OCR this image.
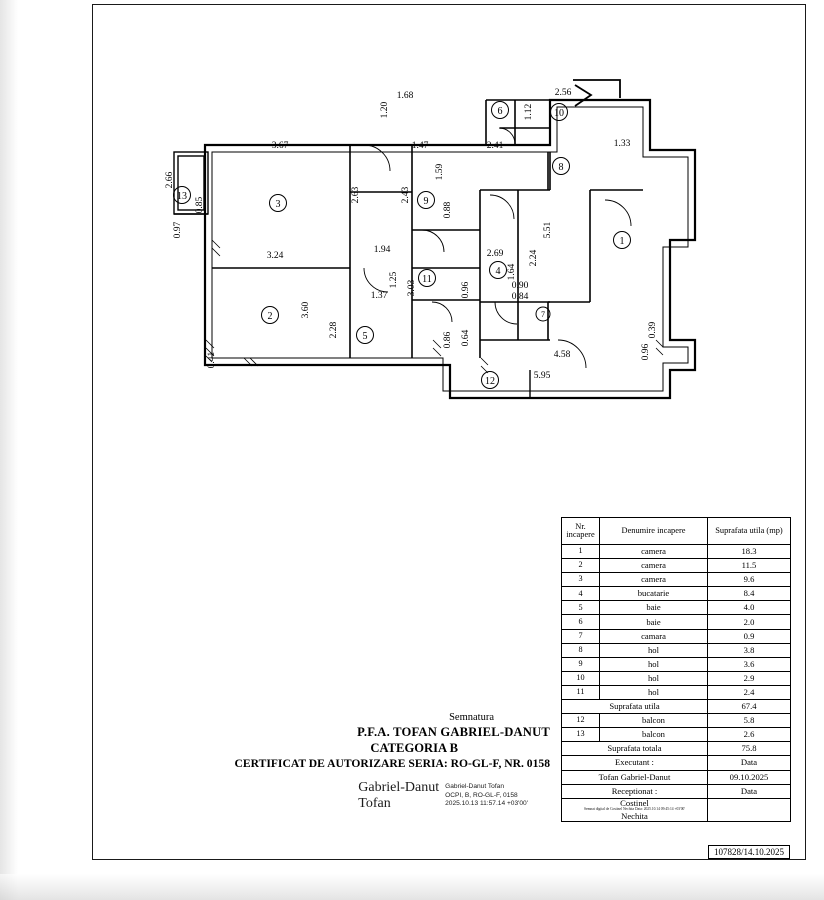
1
2
3
4
5
6
7
8
9
10
11
12
13
1.68	2.56
3.67	1.47	2.41	1.33
3.24
1.94	2.69
0.90
0.84
1.37
4.58
5.95
1.20	1.12
2.63	2.43
1.59
2.66
0.97
0.85	0.88
1.25 3.03
2.24
5.51
1.64
3.60
2.28	0.39
0.96
0.41
0.86 0.64
0.96
Semnatura
P.F.A. TOFAN GABRIEL-DANUT
CATEGORIA B
CERTIFICAT DE AUTORIZARE SERIA: RO-GL-F, NR. 0158
Gabriel-Danut
Tofan
Gabriel-Danut Tofan
OCPI, B, RO-GL-F, 0158
2025.10.13 11:57.14 +03'00'
Nr. incapere	Denumire incapere	Suprafata utila (mp)
1	camera	18.3
2	camera	11.5
3	camera	9.6
4	bucatarie	8.4
5	baie	4.0
6	baie	2.0
7	camara	0.9
8	hol	3.8
9	hol	3.6
10	hol	2.9
11	hol	2.4
Suprafata utila		67.4
12	balcon	5.8
13	balcon	2.6
Suprafata totala		75.8
Executant :		Data
Tofan Gabriel-Danut		09.10.2025
Receptionat :		Data
Costinel
Semnat digital de Costinel Nechita Data: 2025.10.14 09:45:14 +03'00'
Nechita		
107828/14.10.2025
